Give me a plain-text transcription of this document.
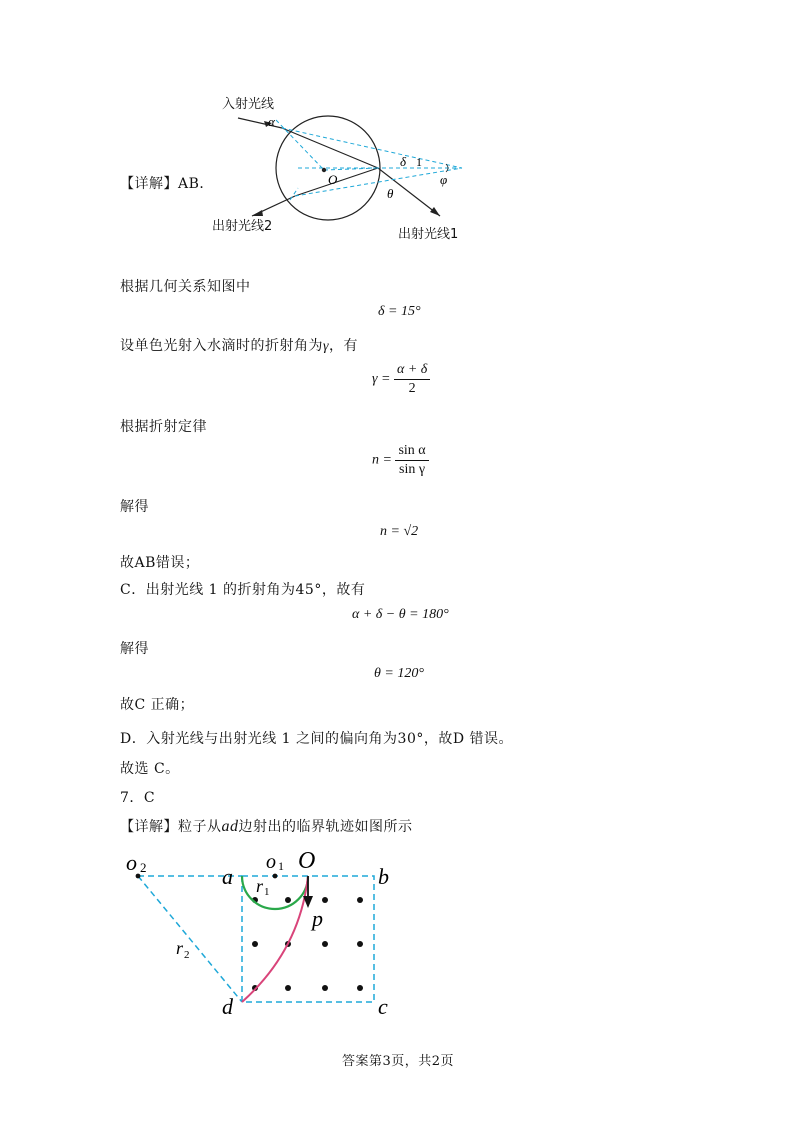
入射光线
α
O
δ 1
φ
θ
出射光线1
出射光线2
【详解】AB．
根据几何关系知图中
δ = 15°
设单色光射入水滴时的折射角为γ，有
$\gamma = \frac{\alpha + \delta}{2}$
根据折射定律
$n = \frac{\text{sin α}}{\text{sin γ}}$
解得
n = √2
故AB错误；
C．出射光线 1 的折射角为45°，故有
α + δ − θ = 180°
解得
θ = 120°
故C 正确；
D．入射光线与出射光线 1 之间的偏向角为30°，故D 错误。
故选 C。
7．C
【详解】粒子从ad边射出的临界轨迹如图所示
o 2	a
o 1 O
b
r 1
p
r 2
d	c
答案第3页，共2页
